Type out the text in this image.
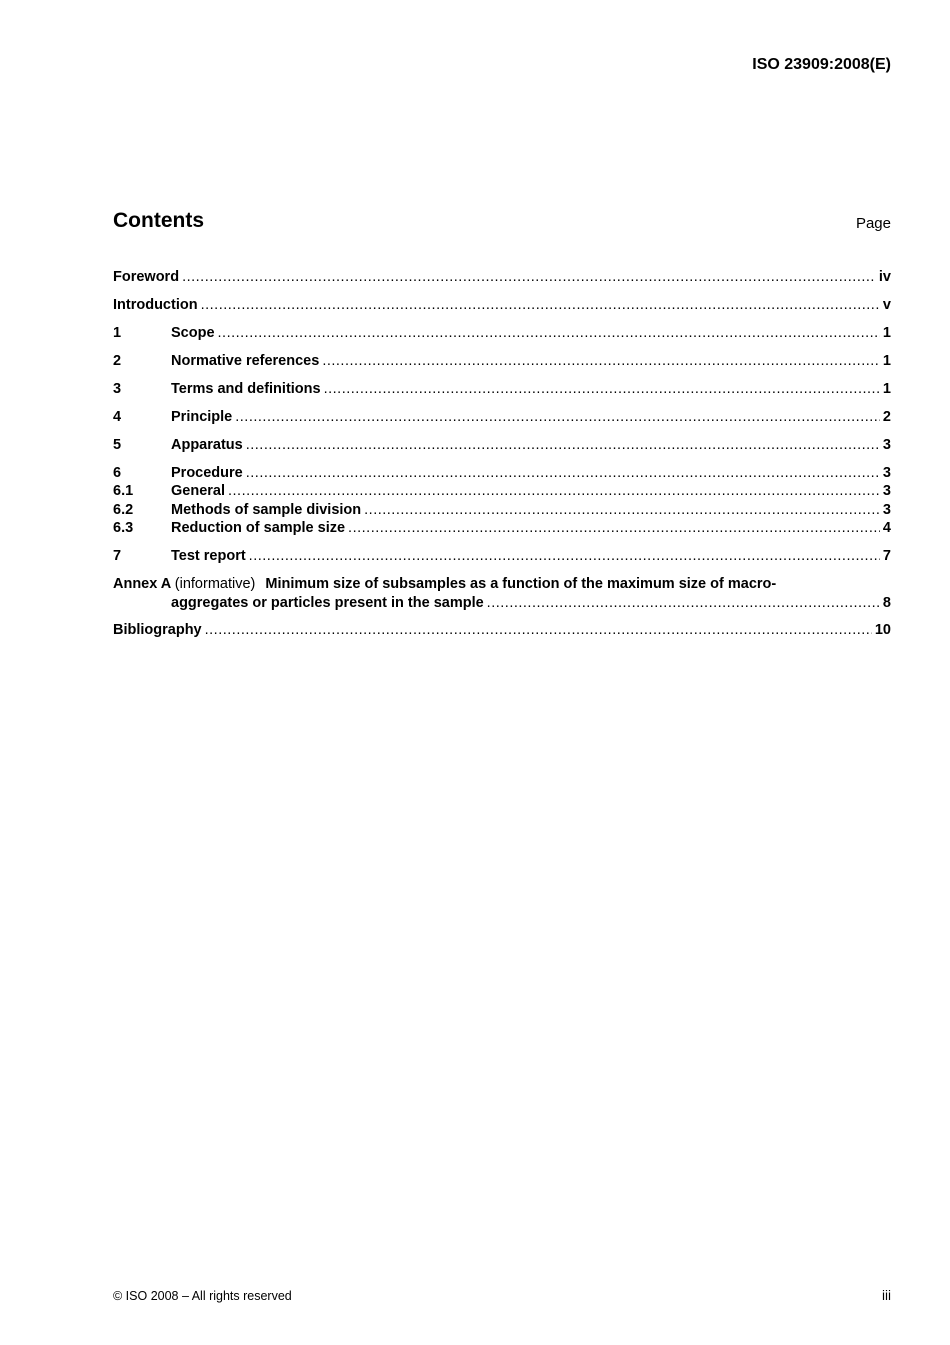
ISO 23909:2008(E)
Contents	Page
Foreword .....	iv
Introduction .....	v
1	Scope .....	1
2	Normative references .....	1
3	Terms and definitions .....	1
4	Principle .....	2
5	Apparatus .....	3
6	Procedure .....	3
6.1	General .....	3
6.2	Methods of sample division .....	3
6.3	Reduction of sample size .....	4
7	Test report .....	7
Annex A (informative) Minimum size of subsamples as a function of the maximum size of macro-
aggregates or particles present in the sample .....	8
Bibliography .....	10
© ISO 2008 – All rights reserved	iii
